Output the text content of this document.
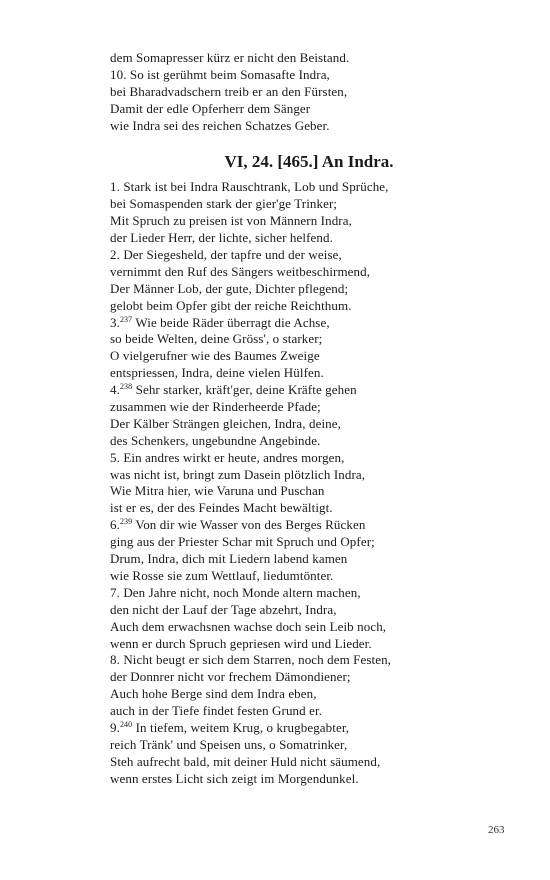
dem Somapresser kürz er nicht den Beistand.
10. So ist gerühmt beim Somasafte Indra,
bei Bharadvadschern treib er an den Fürsten,
Damit der edle Opferherr dem Sänger
wie Indra sei des reichen Schatzes Geber.
VI, 24. [465.] An Indra.
1. Stark ist bei Indra Rauschtrank, Lob und Sprüche,
bei Somaspenden stark der gier'ge Trinker;
Mit Spruch zu preisen ist von Männern Indra,
der Lieder Herr, der lichte, sicher helfend.
2. Der Siegesheld, der tapfre und der weise,
vernimmt den Ruf des Sängers weitbeschirmend,
Der Männer Lob, der gute, Dichter pflegend;
gelobt beim Opfer gibt der reiche Reichthum.
3.$^{237}$ Wie beide Räder überragt die Achse,
so beide Welten, deine Gröss', o starker;
O vielgerufner wie des Baumes Zweige
entspriessen, Indra, deine vielen Hülfen.
4.$^{238}$ Sehr starker, kräft'ger, deine Kräfte gehen
zusammen wie der Rinderheerde Pfade;
Der Kälber Strängen gleichen, Indra, deine,
des Schenkers, ungebundne Angebinde.
5. Ein andres wirkt er heute, andres morgen,
was nicht ist, bringt zum Dasein plötzlich Indra,
Wie Mitra hier, wie Varuna und Puschan
ist er es, der des Feindes Macht bewältigt.
6.$^{239}$ Von dir wie Wasser von des Berges Rücken
ging aus der Priester Schar mit Spruch und Opfer;
Drum, Indra, dich mit Liedern labend kamen
wie Rosse sie zum Wettlauf, liedumtönter.
7. Den Jahre nicht, noch Monde altern machen,
den nicht der Lauf der Tage abzehrt, Indra,
Auch dem erwachsnen wachse doch sein Leib noch,
wenn er durch Spruch gepriesen wird und Lieder.
8. Nicht beugt er sich dem Starren, noch dem Festen,
der Donnrer nicht vor frechem Dämondiener;
Auch hohe Berge sind dem Indra eben,
auch in der Tiefe findet festen Grund er.
9.$^{240}$ In tiefem, weitem Krug, o krugbegabter,
reich Tränk' und Speisen uns, o Somatrinker,
Steh aufrecht bald, mit deiner Huld nicht säumend,
wenn erstes Licht sich zeigt im Morgendunkel.
263
